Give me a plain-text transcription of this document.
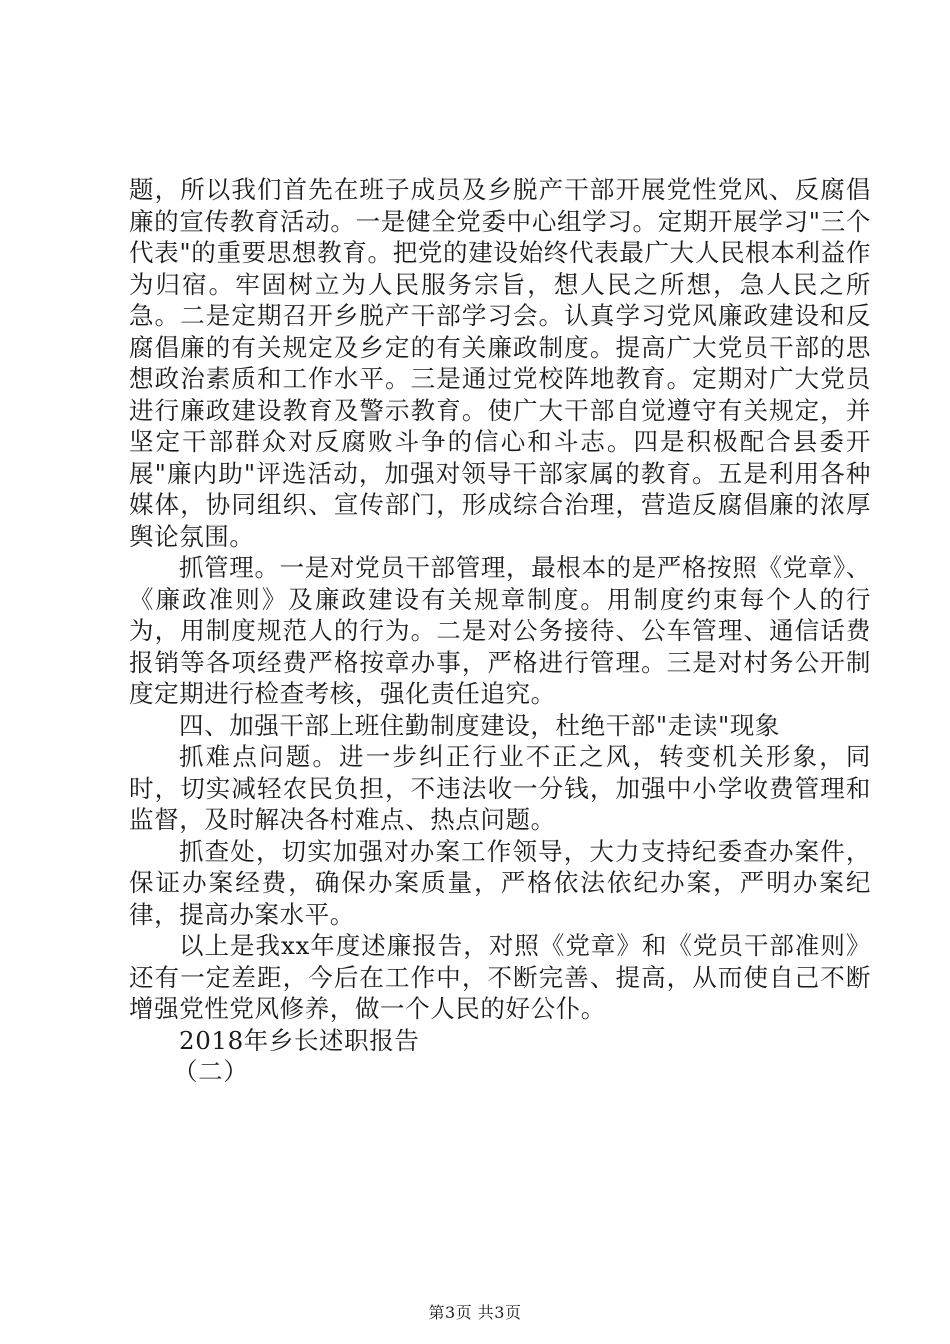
题，所以我们首先在班子成员及乡脱产干部开展党性党风、反腐倡廉的宣传教育活动。一是健全党委中心组学习。定期开展学习"三个代表"的重要思想教育。把党的建设始终代表最广大人民根本利益作为归宿。牢固树立为人民服务宗旨，想人民之所想，急人民之所急。二是定期召开乡脱产干部学习会。认真学习党风廉政建设和反腐倡廉的有关规定及乡定的有关廉政制度。提高广大党员干部的思想政治素质和工作水平。三是通过党校阵地教育。定期对广大党员进行廉政建设教育及警示教育。使广大干部自觉遵守有关规定，并坚定干部群众对反腐败斗争的信心和斗志。四是积极配合县委开展"廉内助"评选活动，加强对领导干部家属的教育。五是利用各种媒体，协同组织、宣传部门，形成综合治理，营造反腐倡廉的浓厚舆论氛围。

抓管理。一是对党员干部管理，最根本的是严格按照《党章》、《廉政准则》及廉政建设有关规章制度。用制度约束每个人的行为，用制度规范人的行为。二是对公务接待、公车管理、通信话费报销等各项经费严格按章办事，严格进行管理。三是对村务公开制度定期进行检查考核，强化责任追究。

四、加强干部上班住勤制度建设，杜绝干部"走读"现象

抓难点问题。进一步纠正行业不正之风，转变机关形象，同时，切实减轻农民负担，不违法收一分钱，加强中小学收费管理和监督，及时解决各村难点、热点问题。

抓查处，切实加强对办案工作领导，大力支持纪委查办案件，保证办案经费，确保办案质量，严格依法依纪办案，严明办案纪律，提高办案水平。

以上是我xx年度述廉报告，对照《党章》和《党员干部准则》还有一定差距，今后在工作中，不断完善、提高，从而使自己不断增强党性党风修养，做一个人民的好公仆。

2018年乡长述职报告

（二）

第3页 共3页
